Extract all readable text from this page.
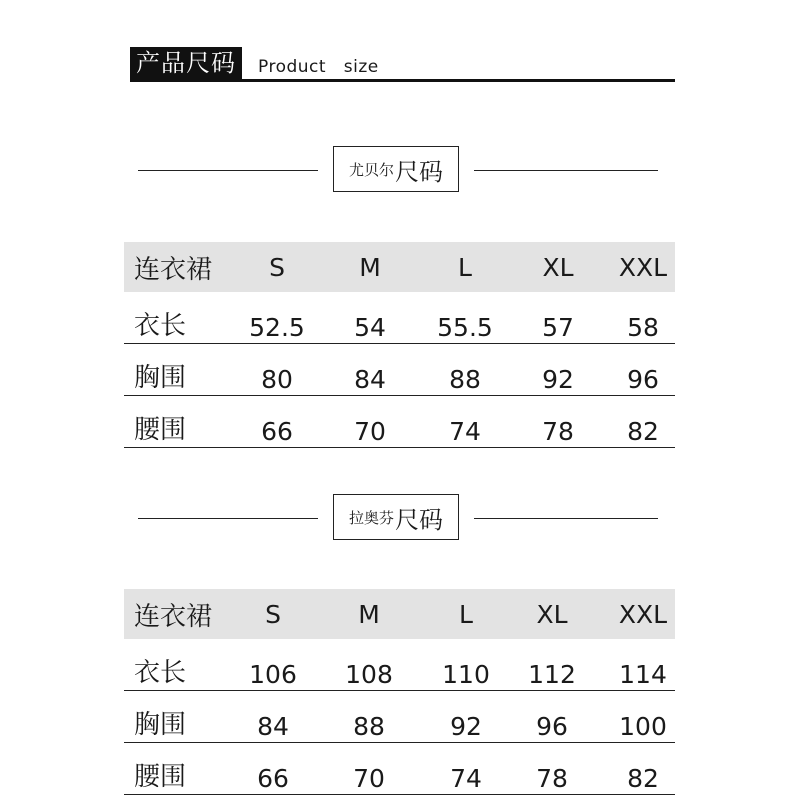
产品尺码	Product   size
尤贝尔 尺码
连衣裙	S	M	L	XL	XXL
衣长	52.5 54 55.5 57 58
胸围	80 84	88 92 96
腰围	66 70	74 78 82
拉奥芬 尺码
连衣裙	S	M	L	XL	XXL
衣长	106 108 110 112 114
胸围	84	88	92 96 100
腰围	66	70	74 78 82
